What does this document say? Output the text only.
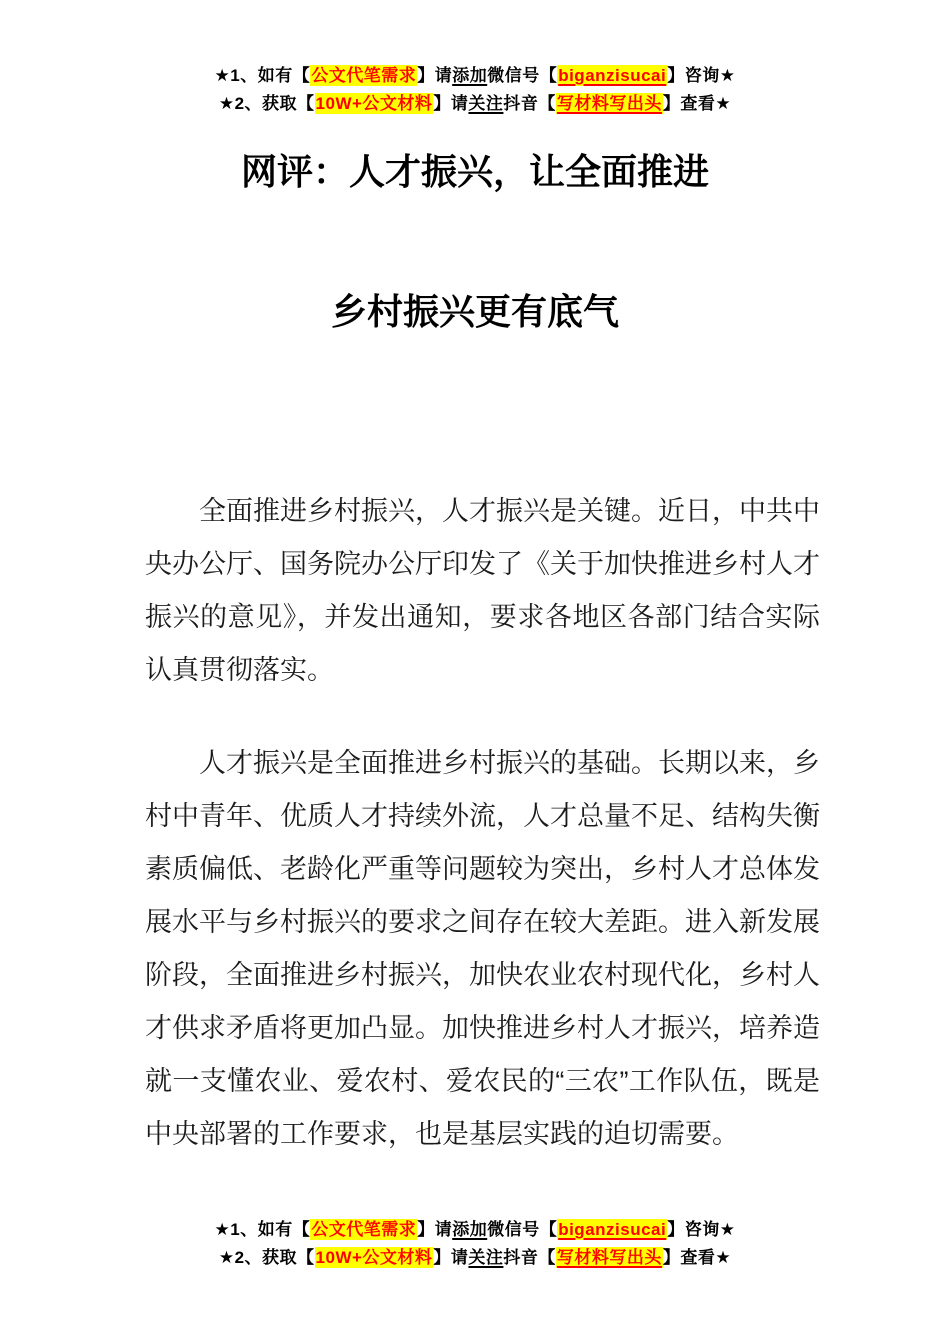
★1、如有【公文代笔需求】请添加微信号【biganzisucai】咨询★
★2、获取【10W+公文材料】请关注抖音【写材料写出头】查看★
网评：人才振兴，让全面推进
乡村振兴更有底气

全面推进乡村振兴，人才振兴是关键。近日，中共中央办公厅、国务院办公厅印发了《关于加快推进乡村人才振兴的意见》，并发出通知，要求各地区各部门结合实际认真贯彻落实。

人才振兴是全面推进乡村振兴的基础。长期以来，乡村中青年、优质人才持续外流，人才总量不足、结构失衡素质偏低、老龄化严重等问题较为突出，乡村人才总体发展水平与乡村振兴的要求之间存在较大差距。进入新发展阶段，全面推进乡村振兴，加快农业农村现代化，乡村人才供求矛盾将更加凸显。加快推进乡村人才振兴，培养造就一支懂农业、爱农村、爱农民的“三农”工作队伍，既是中央部署的工作要求，也是基层实践的迫切需要。

★1、如有【公文代笔需求】请添加微信号【biganzisucai】咨询★
★2、获取【10W+公文材料】请关注抖音【写材料写出头】查看★
